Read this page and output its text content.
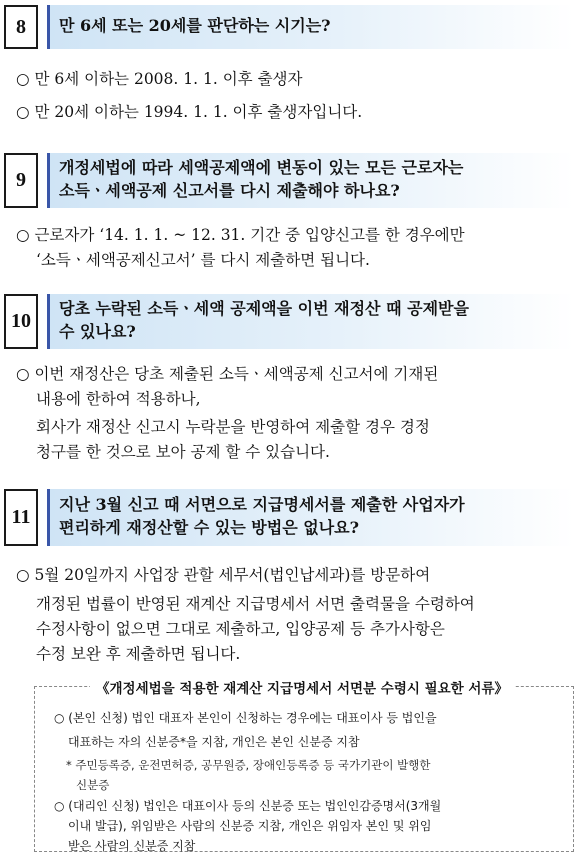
8	만 6세 또는 20세를 판단하는 시기는?
○ 만 6세 이하는 2008. 1. 1. 이후 출생자
○ 만 20세 이하는 1994. 1. 1. 이후 출생자입니다.
9
개정세법에 따라 세액공제액에 변동이 있는 모든 근로자는
소득ㆍ세액공제 신고서를 다시 제출해야 하나요?
○ 근로자가 ‘14. 1. 1. ~ 12. 31. 기간 중 입양신고를 한 경우에만
‘소득ㆍ세액공제신고서’ 를 다시 제출하면 됩니다.
10
당초 누락된 소득ㆍ세액 공제액을 이번 재정산 때 공제받을
수 있나요?
○ 이번 재정산은 당초 제출된 소득ㆍ세액공제 신고서에 기재된
내용에 한하여 적용하나,
회사가 재정산 신고시 누락분을 반영하여 제출할 경우 경정
청구를 한 것으로 보아 공제 할 수 있습니다.
11
지난 3월 신고 때 서면으로 지급명세서를 제출한 사업자가
편리하게 재정산할 수 있는 방법은 없나요?
○ 5월 20일까지 사업장 관할 세무서(법인납세과)를 방문하여
개정된 법률이 반영된 재계산 지급명세서 서면 출력물을 수령하여
수정사항이 없으면 그대로 제출하고, 입양공제 등 추가사항은
수정 보완 후 제출하면 됩니다.
《개정세법을 적용한 재계산 지급명세서 서면분 수령시 필요한 서류》
○ (본인 신청) 법인 대표자 본인이 신청하는 경우에는 대표이사 등 법인을
대표하는 자의 신분증*을 지참, 개인은 본인 신분증 지참
* 주민등록증, 운전면허증, 공무원증, 장애인등록증 등 국가기관이 발행한
신분증
○ (대리인 신청) 법인은 대표이사 등의 신분증 또는 법인인감증명서(3개월
이내 발급), 위임받은 사람의 신분증 지참, 개인은 위임자 본인 및 위임
받은 사람의 신분증 지참
